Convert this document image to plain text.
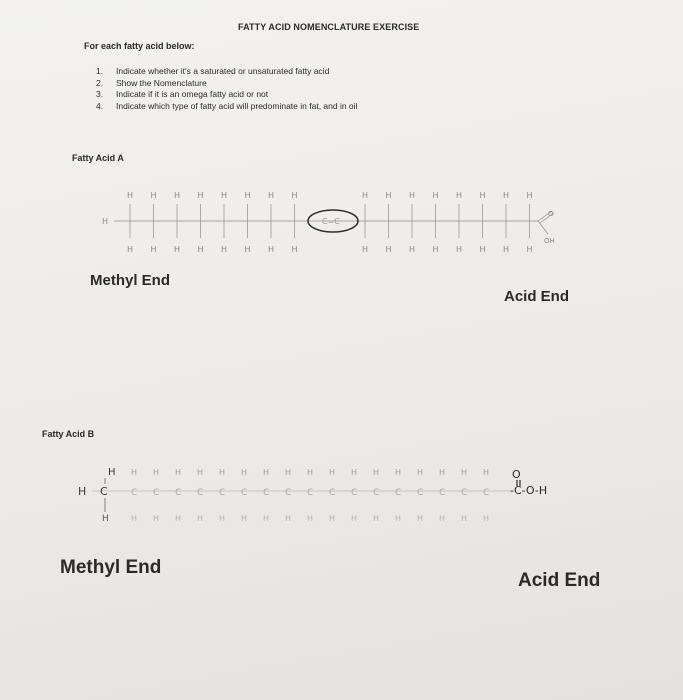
FATTY ACID NOMENCLATURE EXERCISE
For each fatty acid below:
1. Indicate whether it's a saturated or unsaturated fatty acid
2. Show the Nomenclature
3. Indicate if it is an omega fatty acid or not
4. Indicate which type of fatty acid will predominate in fat, and in oil
Fatty Acid A
H
H
H
H
H
H
H
H
H
H
H
H
H
H
H
H
H
H
H
H
H
H
H
H
H
H
H
H
H
H
H
H
H	C=C
O
OH
Methyl End
Acid End
Fatty Acid B
H C
H
H
C
H
H
C
H
H
C
H
H
C
H
H
C
H
H
C
H
H
C
H
H
C
H
H
C
H
H
C
H
H
C
H
H
C
H
H
C
H
H
C
H
H
C
H
H
C
H
H
C
H
H
-C-O-H
O
Methyl End
Acid End
